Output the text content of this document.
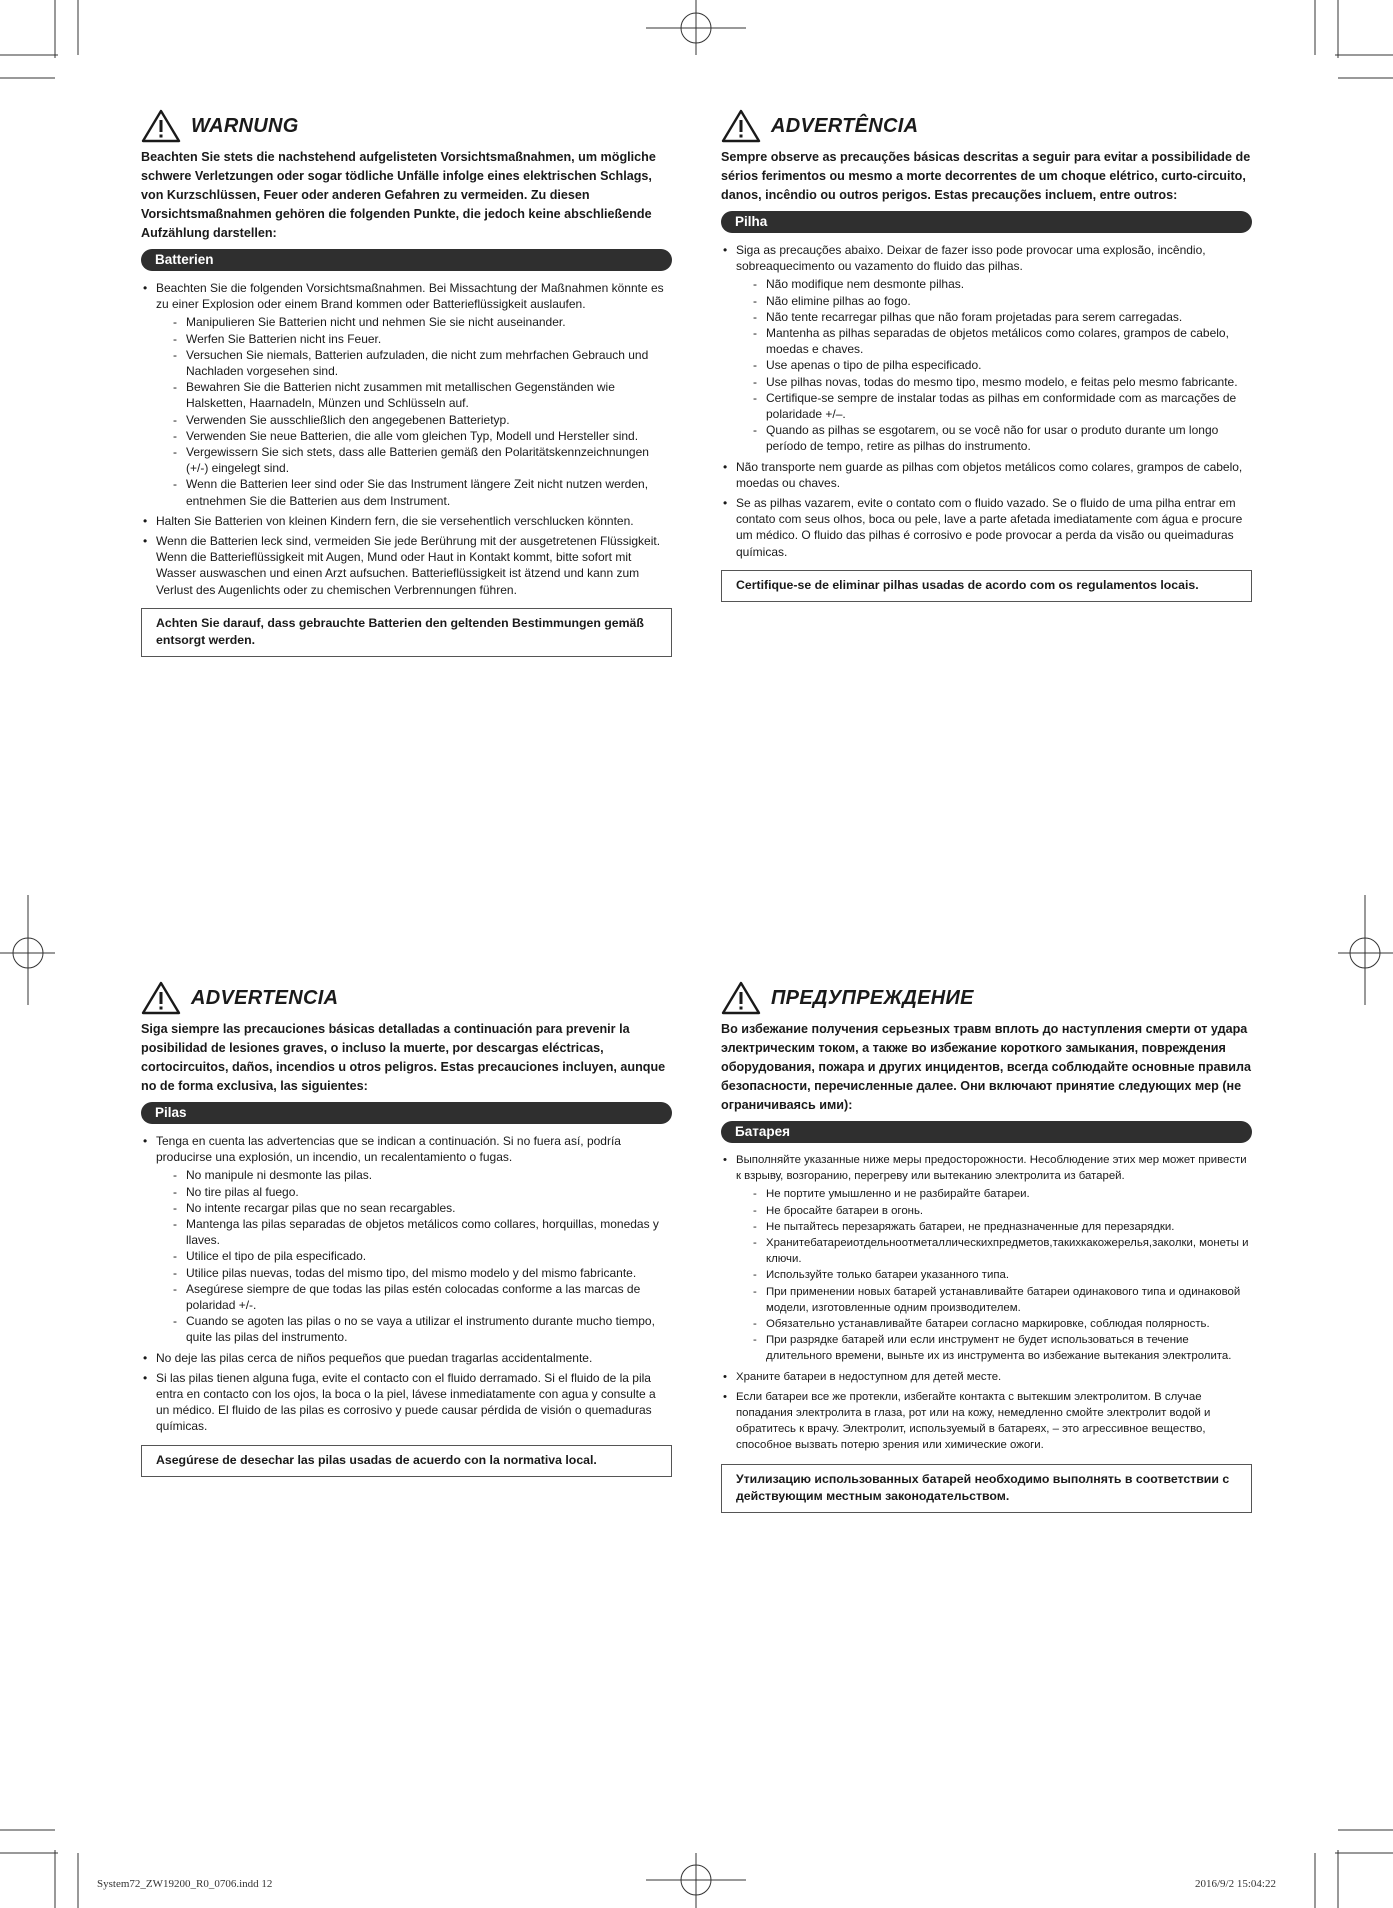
WARNUNG

Beachten Sie stets die nachstehend aufgelisteten Vorsichtsmaßnahmen, um mögliche schwere Verletzungen oder sogar tödliche Unfälle infolge eines elektrischen Schlags, von Kurzschlüssen, Feuer oder anderen Gefahren zu vermeiden. Zu diesen Vorsichtsmaßnahmen gehören die folgenden Punkte, die jedoch keine abschließende Aufzählung darstellen:

Batterien
• Beachten Sie die folgenden Vorsichtsmaßnahmen. Bei Missachtung der Maßnahmen könnte es zu einer Explosion oder einem Brand kommen oder Batterieflüssigkeit auslaufen.
- Manipulieren Sie Batterien nicht und nehmen Sie sie nicht auseinander.
- Werfen Sie Batterien nicht ins Feuer.
- Versuchen Sie niemals, Batterien aufzuladen, die nicht zum mehrfachen Gebrauch und Nachladen vorgesehen sind.
- Bewahren Sie die Batterien nicht zusammen mit metallischen Gegenständen wie Halsketten, Haarnadeln, Münzen und Schlüsseln auf.
- Verwenden Sie ausschließlich den angegebenen Batterietyp.
- Verwenden Sie neue Batterien, die alle vom gleichen Typ, Modell und Hersteller sind.
- Vergewissern Sie sich stets, dass alle Batterien gemäß den Polaritätskennzeichnungen (+/-) eingelegt sind.
- Wenn die Batterien leer sind oder Sie das Instrument längere Zeit nicht nutzen werden, entnehmen Sie die Batterien aus dem Instrument.
• Halten Sie Batterien von kleinen Kindern fern, die sie versehentlich verschlucken könnten.
• Wenn die Batterien leck sind, vermeiden Sie jede Berührung mit der ausgetretenen Flüssigkeit. Wenn die Batterieflüssigkeit mit Augen, Mund oder Haut in Kontakt kommt, bitte sofort mit Wasser auswaschen und einen Arzt aufsuchen. Batterieflüssigkeit ist ätzend und kann zum Verlust des Augenlichts oder zu chemischen Verbrennungen führen.
Achten Sie darauf, dass gebrauchte Batterien den geltenden Bestimmungen gemäß entsorgt werden.
ADVERTÊNCIA

Sempre observe as precauções básicas descritas a seguir para evitar a possibilidade de sérios ferimentos ou mesmo a morte decorrentes de um choque elétrico, curto-circuito, danos, incêndio ou outros perigos. Estas precauções incluem, entre outros:

Pilha
• Siga as precauções abaixo. Deixar de fazer isso pode provocar uma explosão, incêndio, sobreaquecimento ou vazamento do fluido das pilhas.
- Não modifique nem desmonte pilhas.
- Não elimine pilhas ao fogo.
- Não tente recarregar pilhas que não foram projetadas para serem carregadas.
- Mantenha as pilhas separadas de objetos metálicos como colares, grampos de cabelo, moedas e chaves.
- Use apenas o tipo de pilha especificado.
- Use pilhas novas, todas do mesmo tipo, mesmo modelo, e feitas pelo mesmo fabricante.
- Certifique-se sempre de instalar todas as pilhas em conformidade com as marcações de polaridade +/–.
- Quando as pilhas se esgotarem, ou se você não for usar o produto durante um longo período de tempo, retire as pilhas do instrumento.
• Não transporte nem guarde as pilhas com objetos metálicos como colares, grampos de cabelo, moedas ou chaves.
• Se as pilhas vazarem, evite o contato com o fluido vazado. Se o fluido de uma pilha entrar em contato com seus olhos, boca ou pele, lave a parte afetada imediatamente com água e procure um médico. O fluido das pilhas é corrosivo e pode provocar a perda da visão ou queimaduras químicas.
Certifique-se de eliminar pilhas usadas de acordo com os regulamentos locais.
ADVERTENCIA

Siga siempre las precauciones básicas detalladas a continuación para prevenir la posibilidad de lesiones graves, o incluso la muerte, por descargas eléctricas, cortocircuitos, daños, incendios u otros peligros. Estas precauciones incluyen, aunque no de forma exclusiva, las siguientes:

Pilas
• Tenga en cuenta las advertencias que se indican a continuación. Si no fuera así, podría producirse una explosión, un incendio, un recalentamiento o fugas.
- No manipule ni desmonte las pilas.
- No tire pilas al fuego.
- No intente recargar pilas que no sean recargables.
- Mantenga las pilas separadas de objetos metálicos como collares, horquillas, monedas y llaves.
- Utilice el tipo de pila especificado.
- Utilice pilas nuevas, todas del mismo tipo, del mismo modelo y del mismo fabricante.
- Asegúrese siempre de que todas las pilas estén colocadas conforme a las marcas de polaridad +/-.
- Cuando se agoten las pilas o no se vaya a utilizar el instrumento durante mucho tiempo, quite las pilas del instrumento.
• No deje las pilas cerca de niños pequeños que puedan tragarlas accidentalmente.
• Si las pilas tienen alguna fuga, evite el contacto con el fluido derramado. Si el fluido de la pila entra en contacto con los ojos, la boca o la piel, lávese inmediatamente con agua y consulte a un médico. El fluido de las pilas es corrosivo y puede causar pérdida de visión o quemaduras químicas.
Asegúrese de desechar las pilas usadas de acuerdo con la normativa local.
ПРЕДУПРЕЖДЕНИЕ

Во избежание получения серьезных травм вплоть до наступления смерти от удара электрическим током, а также во избежание короткого замыкания, повреждения оборудования, пожара и других инцидентов, всегда соблюдайте основные правила безопасности, перечисленные далее. Они включают принятие следующих мер (не ограничиваясь ими):

Батарея
• Выполняйте указанные ниже меры предосторожности. Несоблюдение этих мер может привести к взрыву, возгоранию, перегреву или вытеканию электролита из батарей.
- Не портите умышленно и не разбирайте батареи.
- Не бросайте батареи в огонь.
- Не пытайтесь перезаряжать батареи, не предназначенные для перезарядки.
- Хранитебатареиотдельноотметаллическихпредметов,такихкакожерелья,заколки, монеты и ключи.
- Используйте только батареи указанного типа.
- При применении новых батарей устанавливайте батареи одинакового типа и одинаковой модели, изготовленные одним производителем.
- Обязательно устанавливайте батареи согласно маркировке, соблюдая полярность.
- При разрядке батарей или если инструмент не будет использоваться в течение длительного времени, выньте их из инструмента во избежание вытекания электролита.
• Храните батареи в недоступном для детей месте.
• Если батареи все же протекли, избегайте контакта с вытекшим электролитом. В случае попадания электролита в глаза, рот или на кожу, немедленно смойте электролит водой и обратитесь к врачу. Электролит, используемый в батареях, – это агрессивное вещество, способное вызвать потерю зрения или химические ожоги.
Утилизацию использованных батарей необходимо выполнять в соответствии с действующим местным законодательством.
System72_ZW19200_R0_0706.indd 12	2016/9/2 15:04:22
